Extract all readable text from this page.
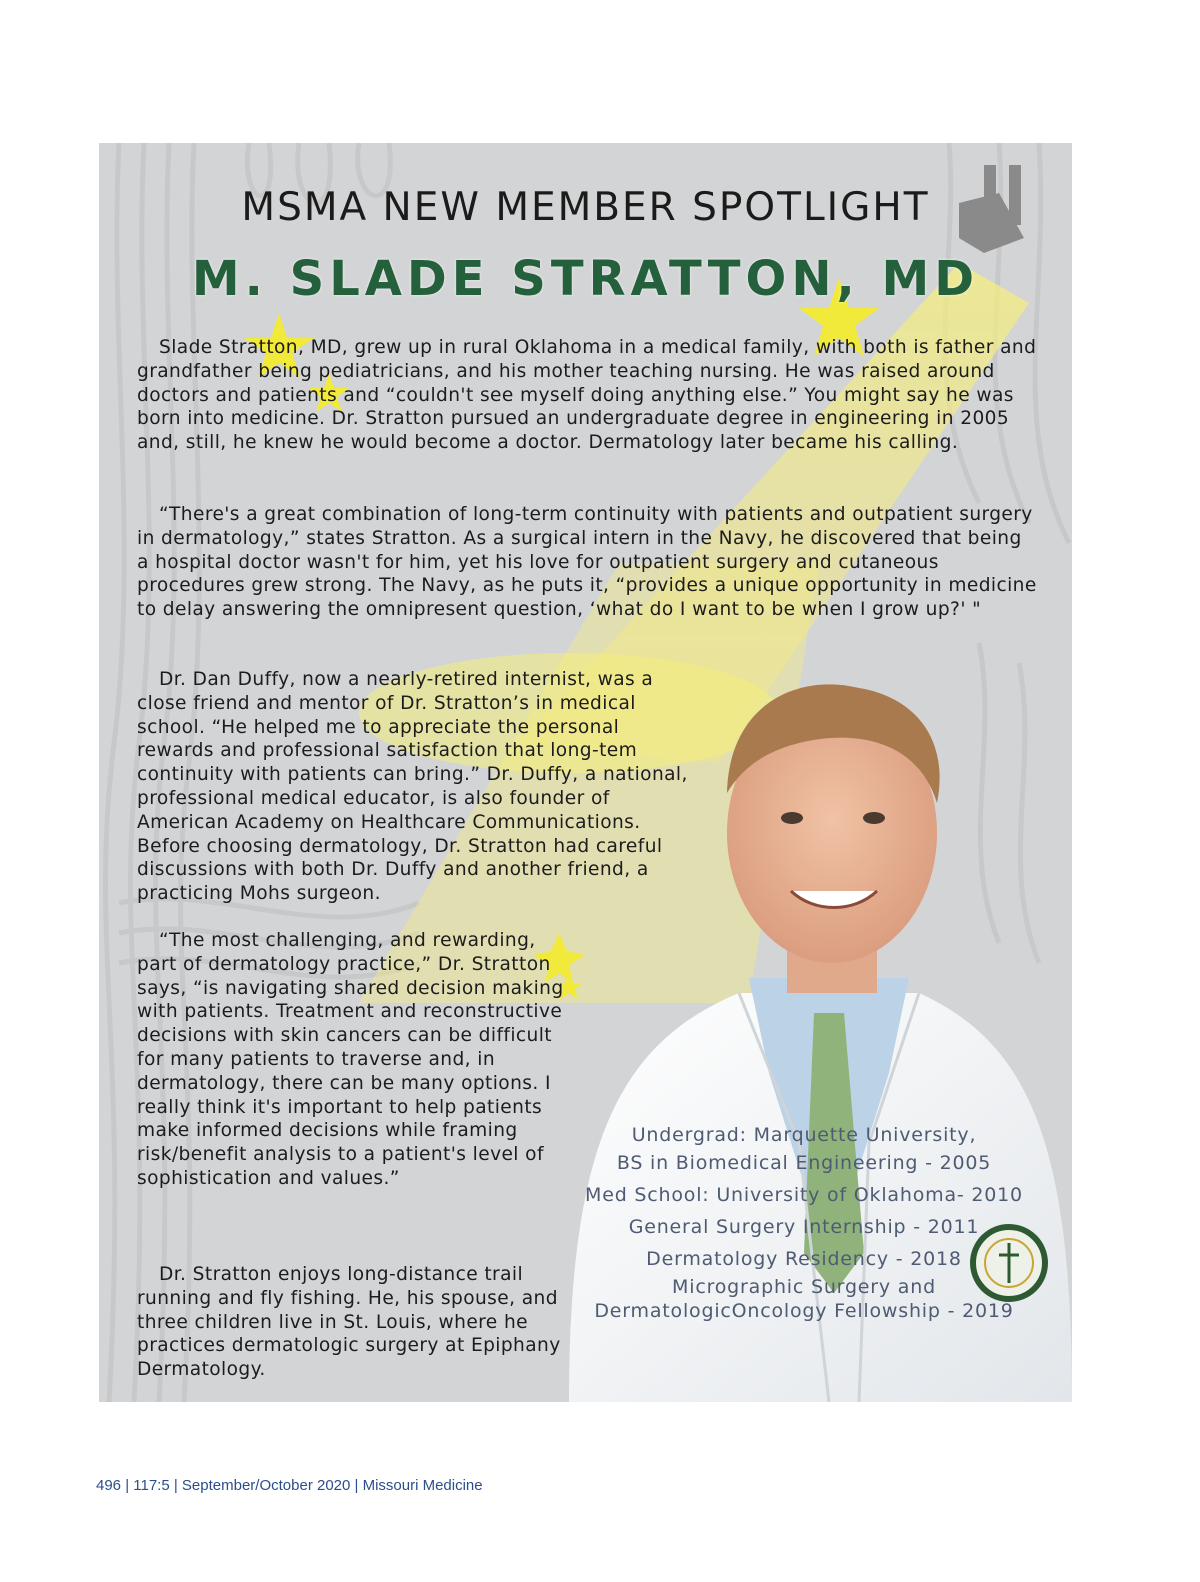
MSMA NEW MEMBER SPOTLIGHT
M. SLADE STRATTON, MD

Slade Stratton, MD, grew up in rural Oklahoma in a medical family, with both is father and grandfather being pediatricians, and his mother teaching nursing. He was raised around doctors and patients and “couldn't see myself doing anything else.” You might say he was born into medicine. Dr. Stratton pursued an undergraduate degree in engineering in 2005 and, still, he knew he would become a doctor. Dermatology later became his calling.

“There's a great combination of long-term continuity with patients and outpatient surgery in dermatology,” states Stratton. As a surgical intern in the Navy, he discovered that being a hospital doctor wasn't for him, yet his love for outpatient surgery and cutaneous procedures grew strong. The Navy, as he puts it, “provides a unique opportunity in medicine to delay answering the omnipresent question, ‘what do I want to be when I grow up?' "

Dr. Dan Duffy, now a nearly-retired internist, was a close friend and mentor of Dr. Stratton’s in medical school. “He helped me to appreciate the personal rewards and professional satisfaction that long-tem continuity with patients can bring.” Dr. Duffy, a national, professional medical educator, is also founder of American Academy on Healthcare Communications. Before choosing dermatology, Dr. Stratton had careful discussions with both Dr. Duffy and another friend, a practicing Mohs surgeon.

“The most challenging, and rewarding, part of dermatology practice,” Dr. Stratton says, “is navigating shared decision making with patients. Treatment and reconstructive decisions with skin cancers can be difficult for many patients to traverse and, in dermatology, there can be many options. I really think it's important to help patients make informed decisions while framing risk/benefit analysis to a patient's level of sophistication and values.”

Dr. Stratton enjoys long-distance trail running and fly fishing. He, his spouse, and three children live in St. Louis, where he practices dermatologic surgery at Epiphany Dermatology.

Undergrad: Marquette University,
BS in Biomedical Engineering - 2005
Med School: University of Oklahoma- 2010
General Surgery Internship - 2011
Dermatology Residency - 2018
Micrographic Surgery and
DermatologicOncology Fellowship - 2019

496 | 117:5 | September/October 2020 | Missouri Medicine
